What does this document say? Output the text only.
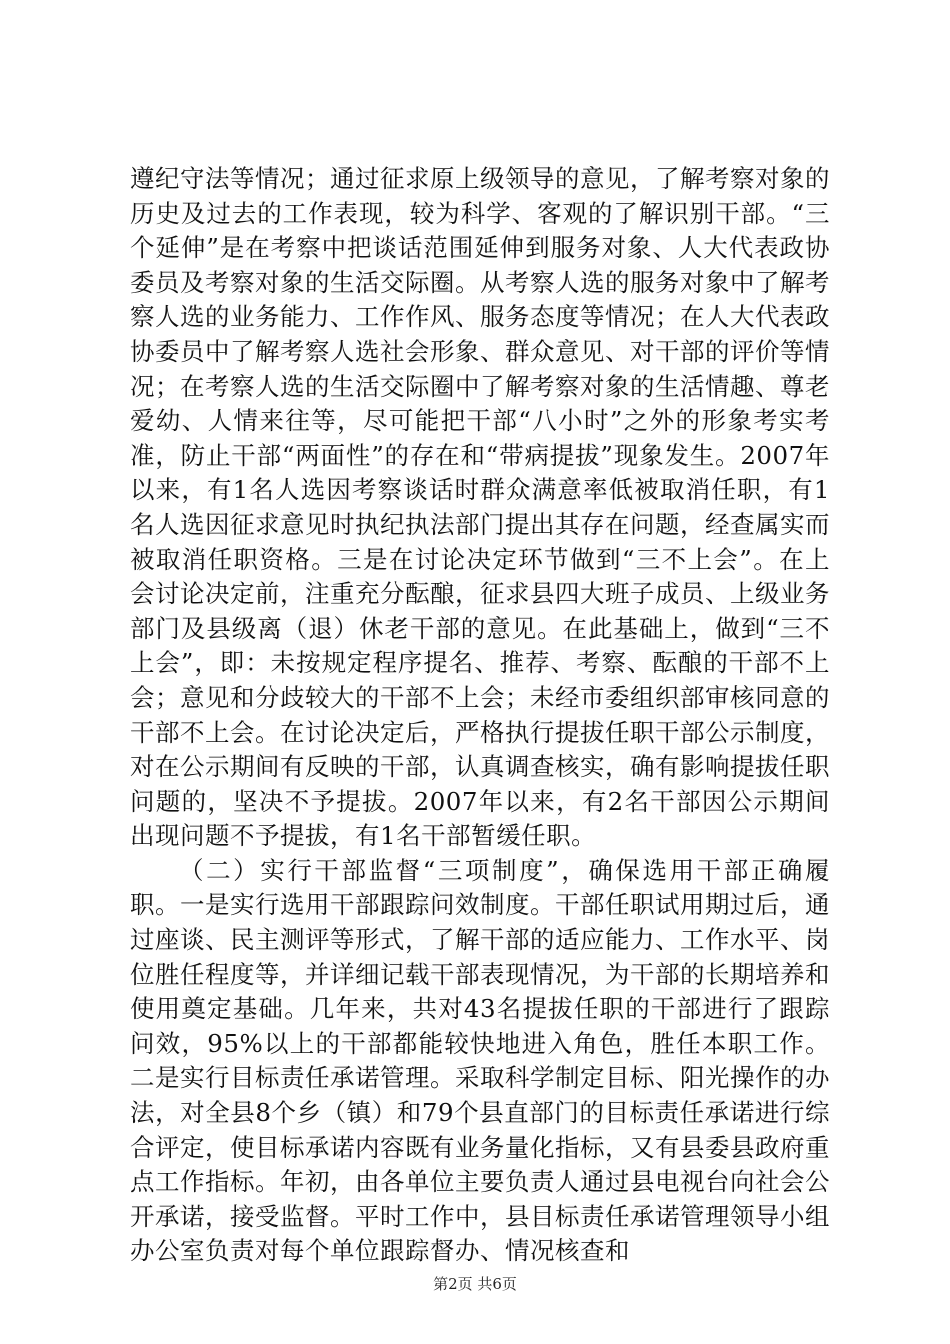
遵纪守法等情况；通过征求原上级领导的意见，了解考察对象的历史及过去的工作表现，较为科学、客观的了解识别干部。“三个延伸”是在考察中把谈话范围延伸到服务对象、人大代表政协委员及考察对象的生活交际圈。从考察人选的服务对象中了解考察人选的业务能力、工作作风、服务态度等情况；在人大代表政协委员中了解考察人选社会形象、群众意见、对干部的评价等情况；在考察人选的生活交际圈中了解考察对象的生活情趣、尊老爱幼、人情来往等，尽可能把干部“八小时”之外的形象考实考准，防止干部“两面性”的存在和“带病提拔”现象发生。2007年以来，有1名人选因考察谈话时群众满意率低被取消任职，有1名人选因征求意见时执纪执法部门提出其存在问题，经查属实而被取消任职资格。三是在讨论决定环节做到“三不上会”。在上会讨论决定前，注重充分酝酿，征求县四大班子成员、上级业务部门及县级离（退）休老干部的意见。在此基础上，做到“三不上会”，即：未按规定程序提名、推荐、考察、酝酿的干部不上会；意见和分歧较大的干部不上会；未经市委组织部审核同意的干部不上会。在讨论决定后，严格执行提拔任职干部公示制度，对在公示期间有反映的干部，认真调查核实，确有影响提拔任职问题的，坚决不予提拔。2007年以来，有2名干部因公示期间出现问题不予提拔，有1名干部暂缓任职。

（二）实行干部监督“三项制度”，确保选用干部正确履职。一是实行选用干部跟踪问效制度。干部任职试用期过后，通过座谈、民主测评等形式，了解干部的适应能力、工作水平、岗位胜任程度等，并详细记载干部表现情况，为干部的长期培养和使用奠定基础。几年来，共对43名提拔任职的干部进行了跟踪问效，95%以上的干部都能较快地进入角色，胜任本职工作。二是实行目标责任承诺管理。采取科学制定目标、阳光操作的办法，对全县8个乡（镇）和79个县直部门的目标责任承诺进行综合评定，使目标承诺内容既有业务量化指标，又有县委县政府重点工作指标。年初，由各单位主要负责人通过县电视台向社会公开承诺，接受监督。平时工作中，县目标责任承诺管理领导小组办公室负责对每个单位跟踪督办、情况核查和

第2页 共6页
